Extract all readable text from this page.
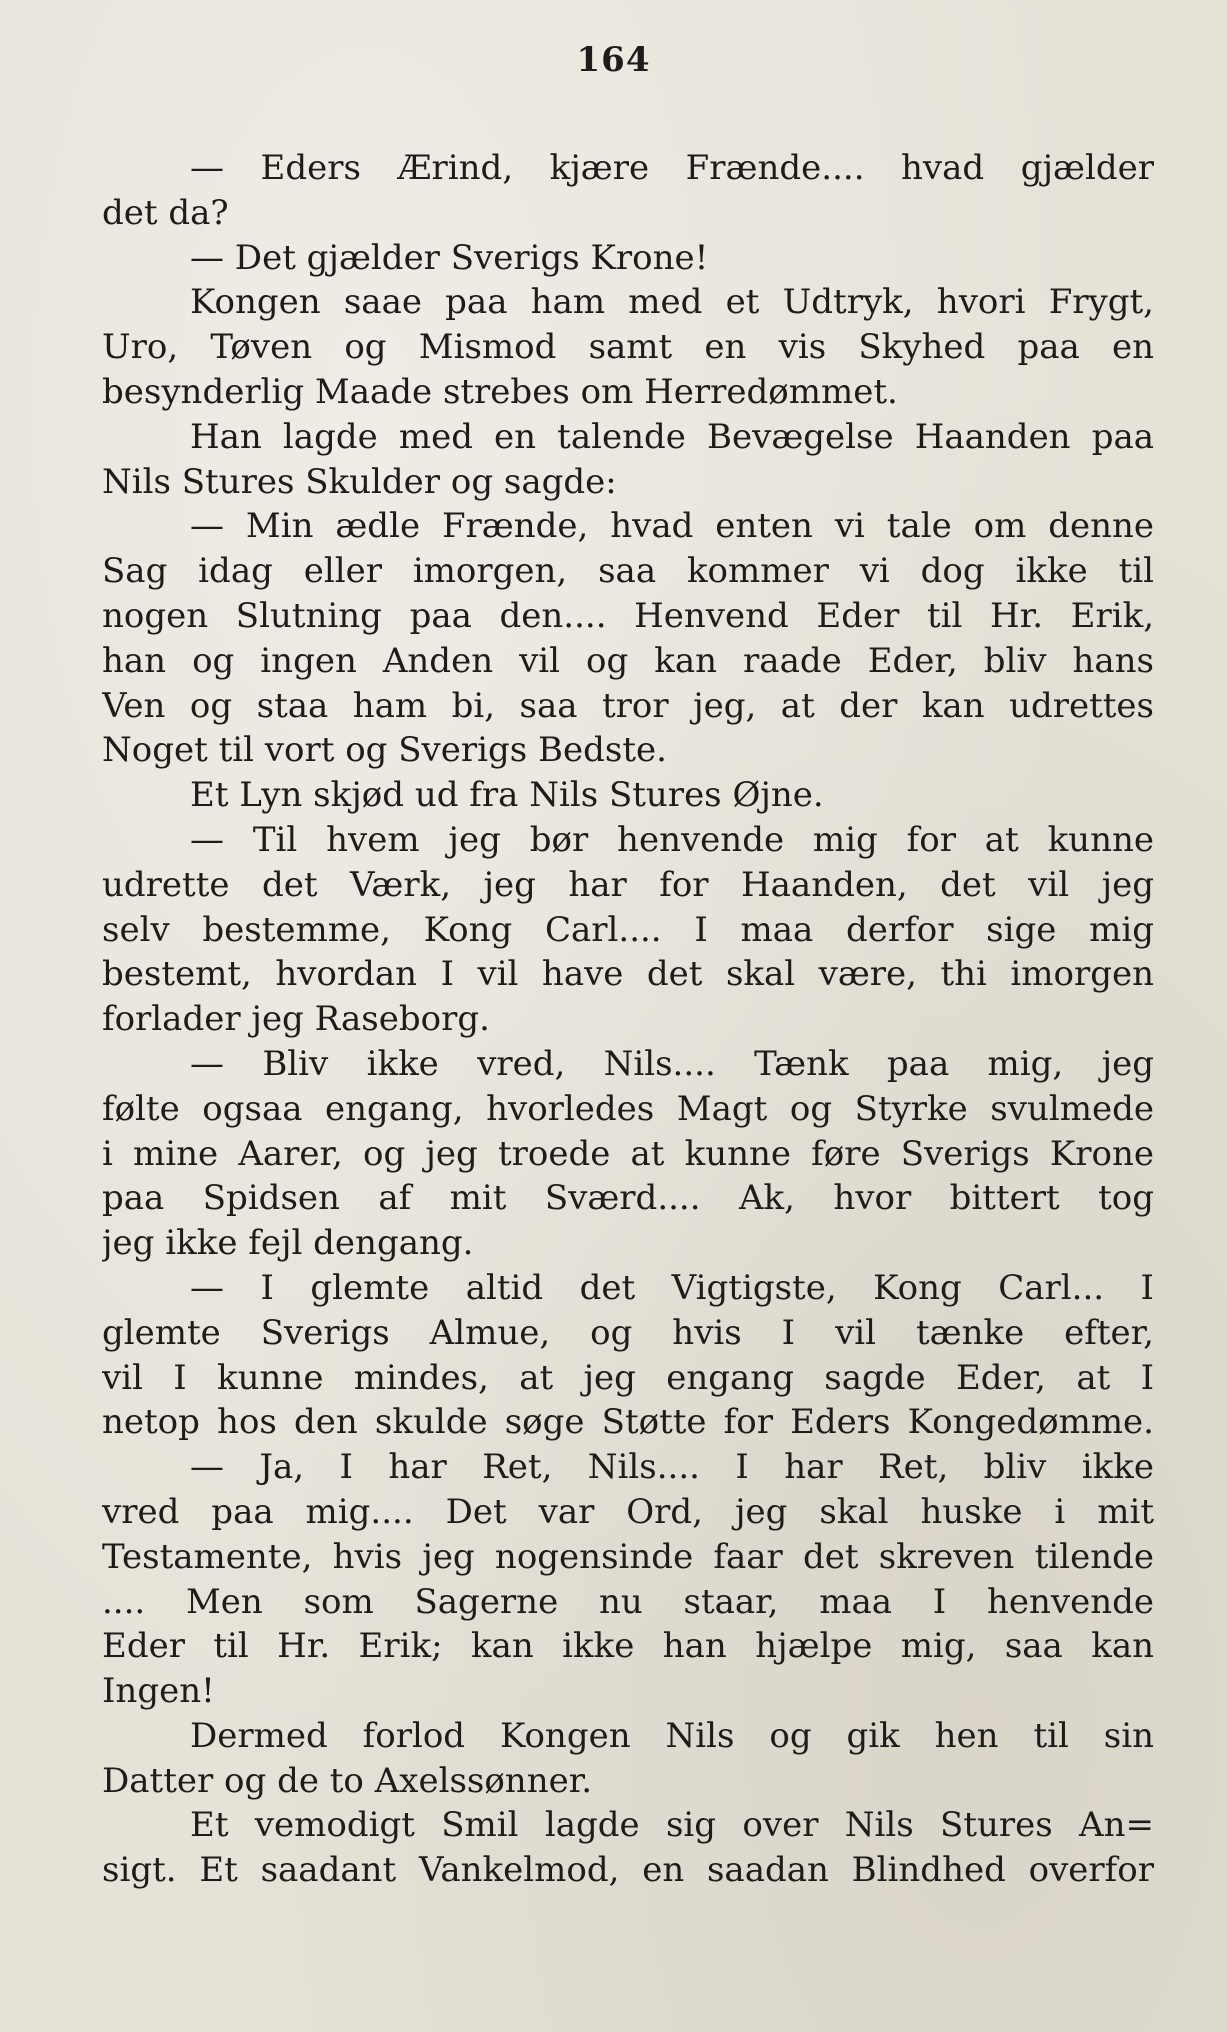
164
— Eders Ærind, kjære Frænde.... hvad gjælder
det da?
— Det gjælder Sverigs Krone!
Kongen saae paa ham med et Udtryk, hvori Frygt,
Uro, Tøven og Mismod samt en vis Skyhed paa en
besynderlig Maade strebes om Herredømmet.
Han lagde med en talende Bevægelse Haanden paa
Nils Stures Skulder og sagde:
— Min ædle Frænde, hvad enten vi tale om denne
Sag idag eller imorgen, saa kommer vi dog ikke til
nogen Slutning paa den.... Henvend Eder til Hr. Erik,
han og ingen Anden vil og kan raade Eder, bliv hans
Ven og staa ham bi, saa tror jeg, at der kan udrettes
Noget til vort og Sverigs Bedste.
Et Lyn skjød ud fra Nils Stures Øjne.
— Til hvem jeg bør henvende mig for at kunne
udrette det Værk, jeg har for Haanden, det vil jeg
selv bestemme, Kong Carl.... I maa derfor sige mig
bestemt, hvordan I vil have det skal være, thi imorgen
forlader jeg Raseborg.
— Bliv ikke vred, Nils.... Tænk paa mig, jeg
følte ogsaa engang, hvorledes Magt og Styrke svulmede
i mine Aarer, og jeg troede at kunne føre Sverigs Krone
paa Spidsen af mit Sværd.... Ak, hvor bittert tog
jeg ikke fejl dengang.
— I glemte altid det Vigtigste, Kong Carl... I
glemte Sverigs Almue, og hvis I vil tænke efter,
vil I kunne mindes, at jeg engang sagde Eder, at I
netop hos den skulde søge Støtte for Eders Kongedømme.
— Ja, I har Ret, Nils.... I har Ret, bliv ikke
vred paa mig.... Det var Ord, jeg skal huske i mit
Testamente, hvis jeg nogensinde faar det skreven tilende
.... Men som Sagerne nu staar, maa I henvende
Eder til Hr. Erik; kan ikke han hjælpe mig, saa kan
Ingen!
Dermed forlod Kongen Nils og gik hen til sin
Datter og de to Axelssønner.
Et vemodigt Smil lagde sig over Nils Stures An=
sigt. Et saadant Vankelmod, en saadan Blindhed overfor
